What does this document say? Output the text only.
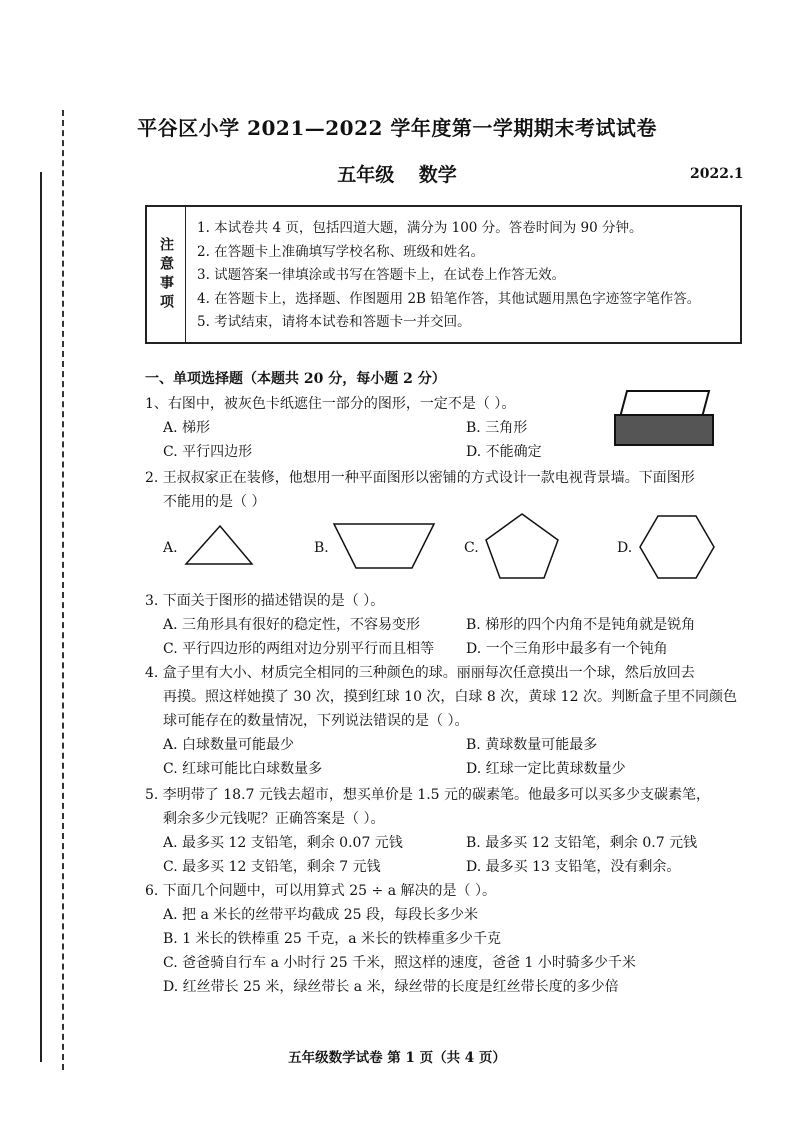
平谷区小学 2021—2022 学年度第一学期期末考试试卷
五年级 数学	2022.1
注意事项
1. 本试卷共 4 页，包括四道大题，满分为 100 分。答卷时间为 90 分钟。
2. 在答题卡上准确填写学校名称、班级和姓名。
3. 试题答案一律填涂或书写在答题卡上，在试卷上作答无效。
4. 在答题卡上，选择题、作图题用 2B 铅笔作答，其他试题用黑色字迹签字笔作答。
5. 考试结束，请将本试卷和答题卡一并交回。
一、单项选择题（本题共 20 分，每小题 2 分）
1、右图中，被灰色卡纸遮住一部分的图形，一定不是（ ）。
A. 梯形	B. 三角形
C. 平行四边形	D. 不能确定
2. 王叔叔家正在装修，他想用一种平面图形以密铺的方式设计一款电视背景墙。下面图形
不能用的是（ ）
A.	B.	C.	D.
3. 下面关于图形的描述错误的是（ ）。
A. 三角形具有很好的稳定性，不容易变形	B. 梯形的四个内角不是钝角就是锐角
C. 平行四边形的两组对边分别平行而且相等 D. 一个三角形中最多有一个钝角
4. 盒子里有大小、材质完全相同的三种颜色的球。丽丽每次任意摸出一个球，然后放回去
再摸。照这样她摸了 30 次，摸到红球 10 次，白球 8 次，黄球 12 次。判断盒子里不同颜色
球可能存在的数量情况，下列说法错误的是（ ）。
A. 白球数量可能最少	B. 黄球数量可能最多
C. 红球可能比白球数量多	D. 红球一定比黄球数量少
5. 李明带了 18.7 元钱去超市，想买单价是 1.5 元的碳素笔。他最多可以买多少支碳素笔，
剩余多少元钱呢？正确答案是（ ）。
A. 最多买 12 支铅笔，剩余 0.07 元钱	B. 最多买 12 支铅笔，剩余 0.7 元钱
C. 最多买 12 支铅笔，剩余 7 元钱	D. 最多买 13 支铅笔，没有剩余。
6. 下面几个问题中，可以用算式 25 ÷ a 解决的是（ ）。
A. 把 a 米长的丝带平均截成 25 段，每段长多少米
B. 1 米长的铁棒重 25 千克，a 米长的铁棒重多少千克
C. 爸爸骑自行车 a 小时行 25 千米，照这样的速度，爸爸 1 小时骑多少千米
D. 红丝带长 25 米，绿丝带长 a 米，绿丝带的长度是红丝带长度的多少倍
五年级数学试卷 第 1 页（共 4 页）
